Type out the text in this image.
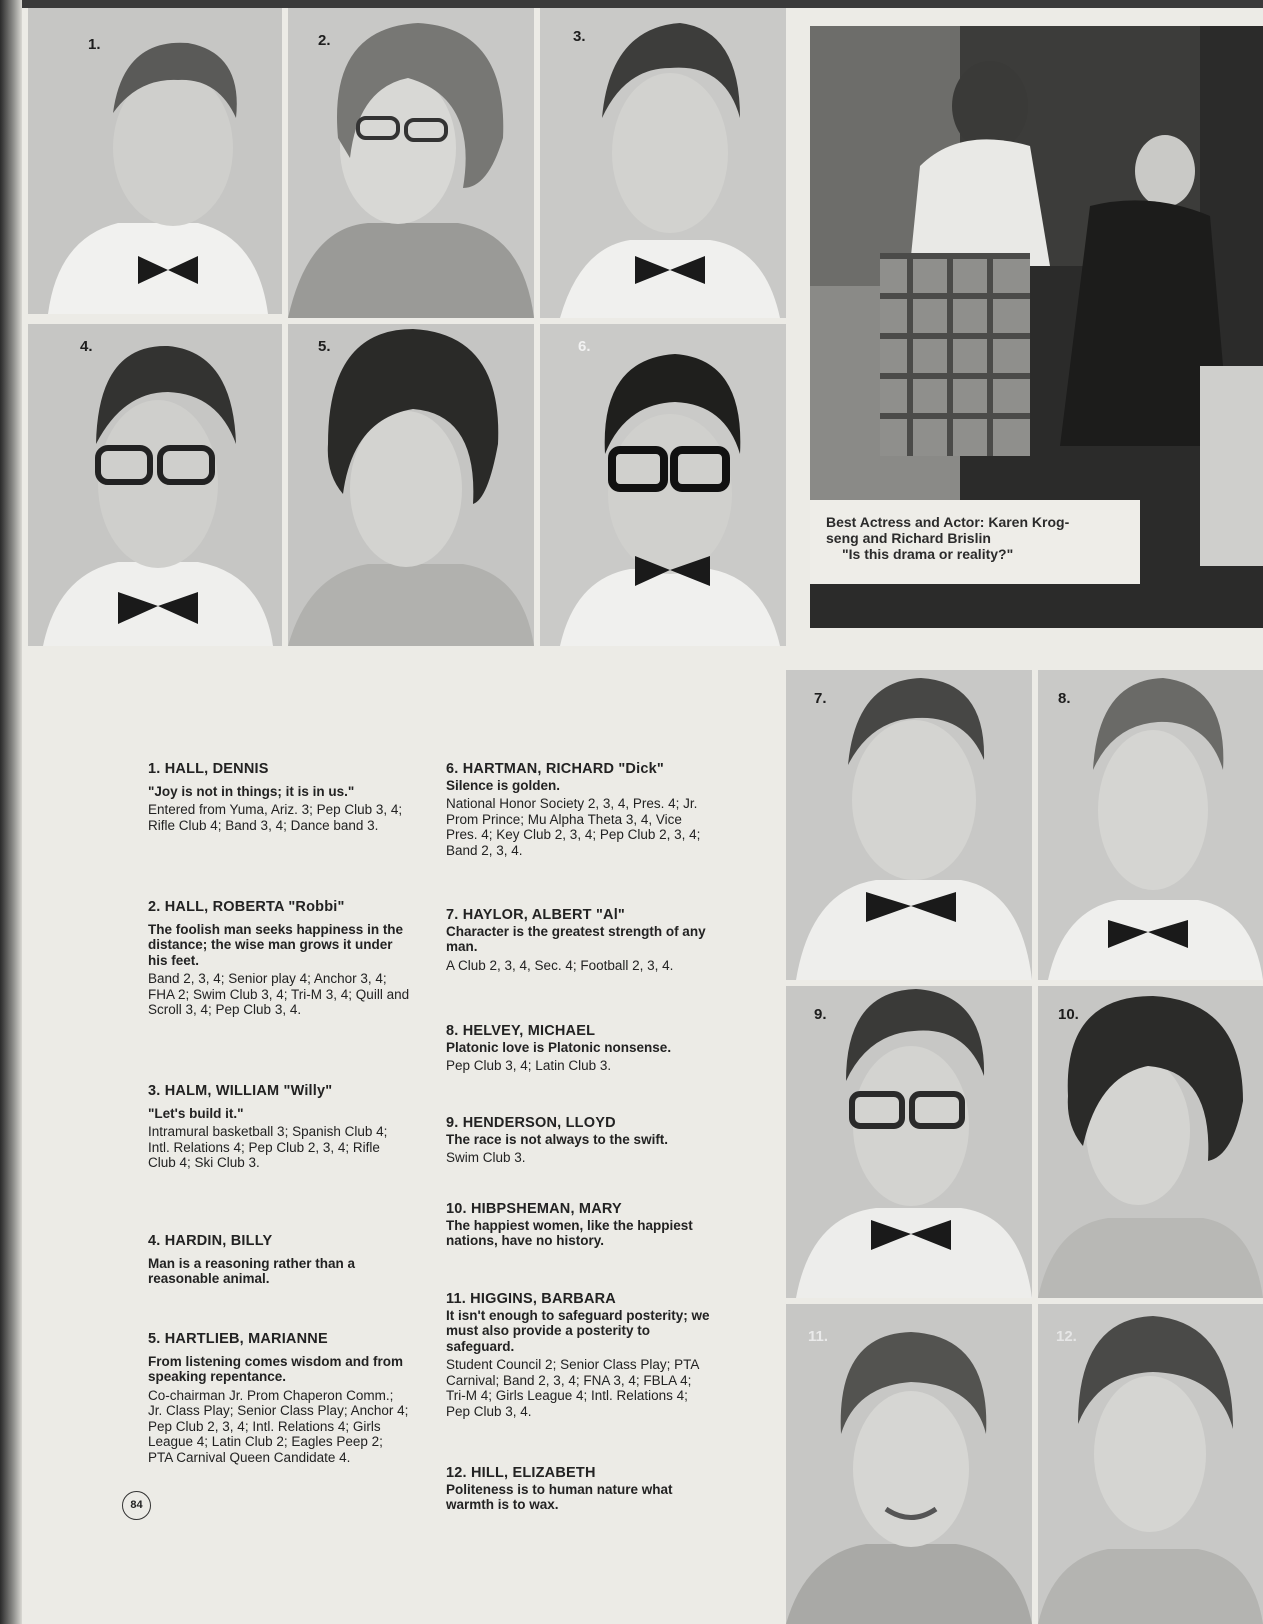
1.	2.	3.
4.	5.	6.
Best Actress and Actor: Karen Krog-
seng and Richard Brislin
"Is this drama or reality?"
7.	8.
9.	10.
11.	12.
1. HALL, DENNIS
"Joy is not in things; it is in us."
Entered from Yuma, Ariz. 3; Pep Club 3, 4; Rifle Club 4; Band 3, 4; Dance band 3.
2. HALL, ROBERTA "Robbi"
The foolish man seeks happiness in the distance; the wise man grows it under his feet.
Band 2, 3, 4; Senior play 4; Anchor 3, 4; FHA 2; Swim Club 3, 4; Tri-M 3, 4; Quill and Scroll 3, 4; Pep Club 3, 4.
3. HALM, WILLIAM "Willy"
"Let's build it."
Intramural basketball 3; Spanish Club 4; Intl. Relations 4; Pep Club 2, 3, 4; Rifle Club 4; Ski Club 3.
4. HARDIN, BILLY
Man is a reasoning rather than a reasonable animal.
5. HARTLIEB, MARIANNE
From listening comes wisdom and from speaking repentance.
Co-chairman Jr. Prom Chaperon Comm.; Jr. Class Play; Senior Class Play; Anchor 4; Pep Club 2, 3, 4; Intl. Relations 4; Girls League 4; Latin Club 2; Eagles Peep 2; PTA Carnival Queen Candidate 4.
6. HARTMAN, RICHARD "Dick"
Silence is golden.
National Honor Society 2, 3, 4, Pres. 4; Jr. Prom Prince; Mu Alpha Theta 3, 4, Vice Pres. 4; Key Club 2, 3, 4; Pep Club 2, 3, 4; Band 2, 3, 4.
7. HAYLOR, ALBERT "Al"
Character is the greatest strength of any man.
A Club 2, 3, 4, Sec. 4; Football 2, 3, 4.
8. HELVEY, MICHAEL
Platonic love is Platonic nonsense.
Pep Club 3, 4; Latin Club 3.
9. HENDERSON, LLOYD
The race is not always to the swift.
Swim Club 3.
10. HIBPSHEMAN, MARY
The happiest women, like the happiest nations, have no history.
11. HIGGINS, BARBARA
It isn't enough to safeguard posterity; we must also provide a posterity to safeguard.
Student Council 2; Senior Class Play; PTA Carnival; Band 2, 3, 4; FNA 3, 4; FBLA 4; Tri-M 4; Girls League 4; Intl. Relations 4; Pep Club 3, 4.
12. HILL, ELIZABETH
Politeness is to human nature what warmth is to wax.
84
